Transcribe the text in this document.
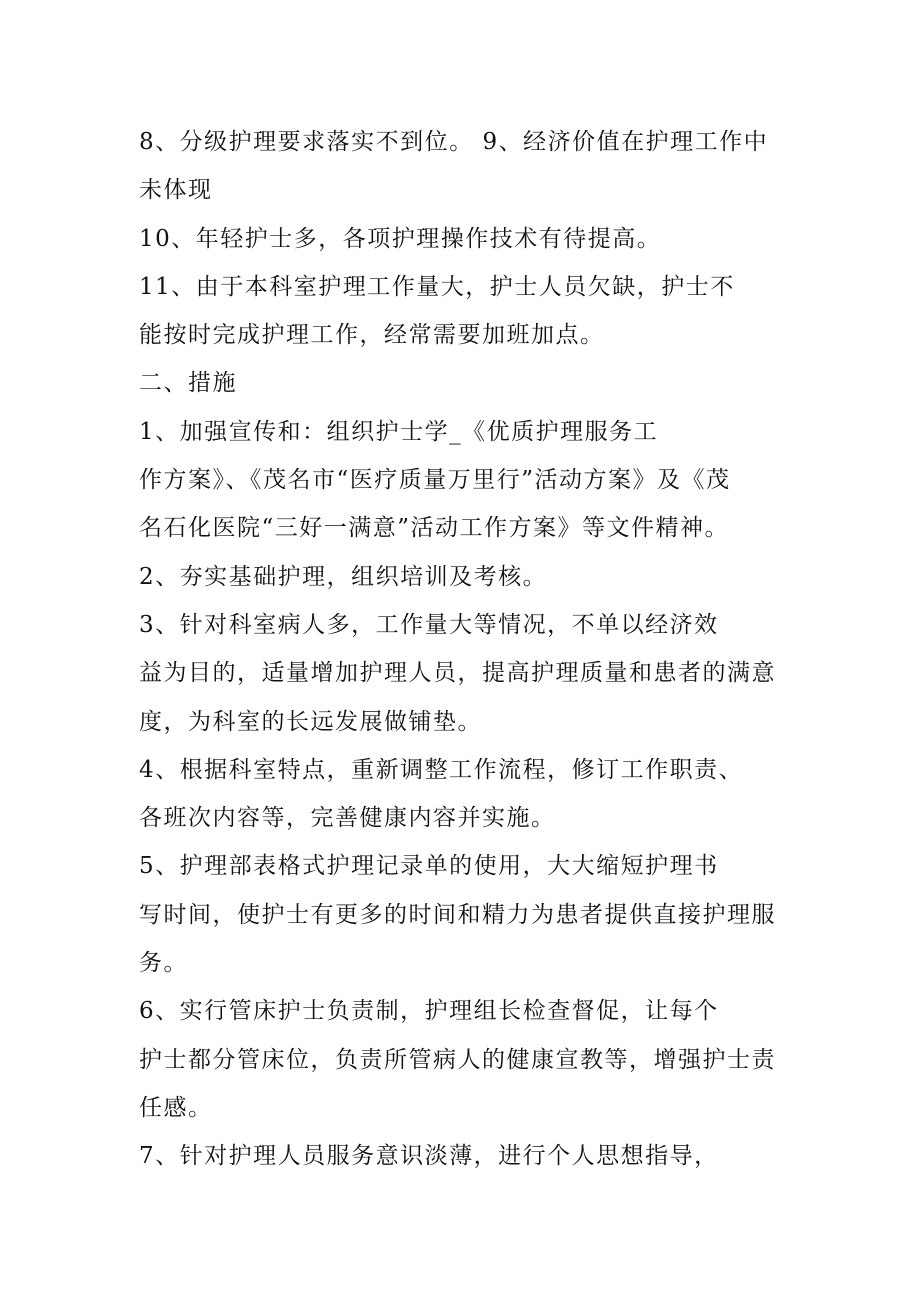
8、分级护理要求落实不到位。 9、经济价值在护理工作中
未体现
10、年轻护士多，各项护理操作技术有待提高。
11、由于本科室护理工作量大，护士人员欠缺，护士不
能按时完成护理工作，经常需要加班加点。
二、措施
1、加强宣传和：组织护士学_《优质护理服务工
作方案》、《茂名市“医疗质量万里行”活动方案》及《茂
名石化医院“三好一满意”活动工作方案》等文件精神。
2、夯实基础护理，组织培训及考核。
3、针对科室病人多，工作量大等情况，不单以经济效
益为目的，适量增加护理人员，提高护理质量和患者的满意
度，为科室的长远发展做铺垫。
4、根据科室特点，重新调整工作流程，修订工作职责、
各班次内容等，完善健康内容并实施。
5、护理部表格式护理记录单的使用，大大缩短护理书
写时间，使护士有更多的时间和精力为患者提供直接护理服
务。
6、实行管床护士负责制，护理组长检查督促，让每个
护士都分管床位，负责所管病人的健康宣教等，增强护士责
任感。
7、针对护理人员服务意识淡薄，进行个人思想指导，
